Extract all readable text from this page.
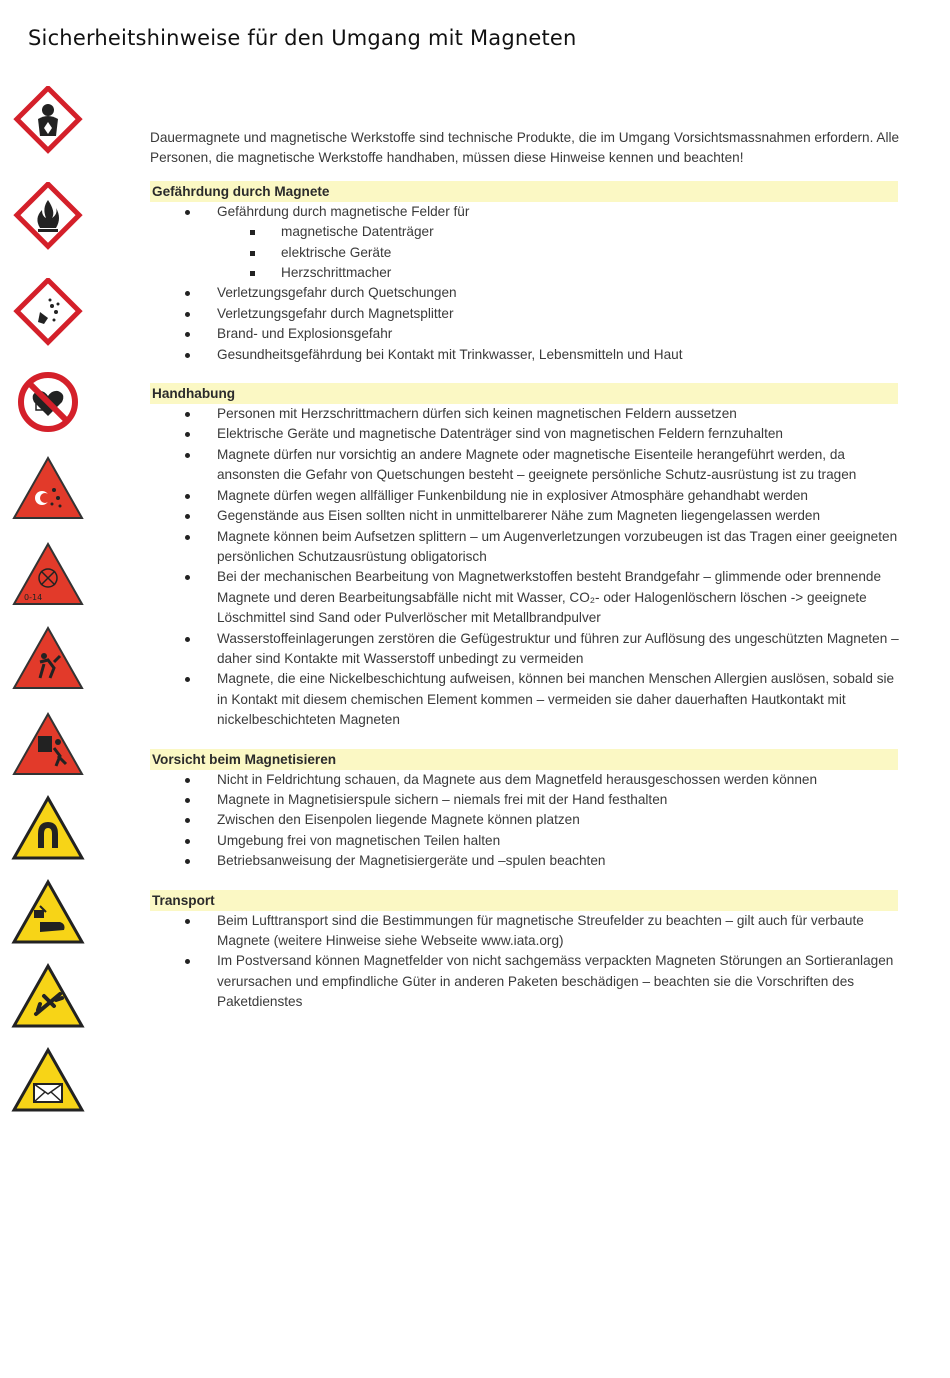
Sicherheitshinweise für den Umgang mit Magneten
0-14

Dauermagnete und magnetische Werkstoffe sind technische Produkte, die im Umgang Vorsichtsmassnahmen erfordern. Alle Personen, die magnetische Werkstoffe handhaben, müssen diese Hinweise kennen und beachten!

Gefährdung durch Magnete
Gefährdung durch magnetische Felder für
magnetische Datenträger
elektrische Geräte
Herzschrittmacher
Verletzungsgefahr durch Quetschungen
Verletzungsgefahr durch Magnetsplitter
Brand- und Explosionsgefahr
Gesundheitsgefährdung bei Kontakt mit Trinkwasser, Lebensmitteln und Haut
Handhabung
Personen mit Herzschrittmachern dürfen sich keinen magnetischen Feldern aussetzen
Elektrische Geräte und magnetische Datenträger sind von magnetischen Feldern fernzuhalten
Magnete dürfen nur vorsichtig an andere Magnete oder magnetische Eisenteile herangeführt werden, da ansonsten die Gefahr von Quetschungen besteht – geeignete persönliche Schutz-ausrüstung ist zu tragen
Magnete dürfen wegen allfälliger Funkenbildung nie in explosiver Atmosphäre gehandhabt werden
Gegenstände aus Eisen sollten nicht in unmittelbarerer Nähe zum Magneten liegengelassen werden
Magnete können beim Aufsetzen splittern – um Augenverletzungen vorzubeugen ist das Tragen einer geeigneten persönlichen Schutzausrüstung obligatorisch
Bei der mechanischen Bearbeitung von Magnetwerkstoffen besteht Brandgefahr – glimmende oder brennende Magnete und deren Bearbeitungsabfälle nicht mit Wasser, CO₂- oder Halogenlöschern löschen -> geeignete Löschmittel sind Sand oder Pulverlöscher mit Metallbrandpulver
Wasserstoffeinlagerungen zerstören die Gefügestruktur und führen zur Auflösung des ungeschützten Magneten – daher sind Kontakte mit Wasserstoff unbedingt zu vermeiden
Magnete, die eine Nickelbeschichtung aufweisen, können bei manchen Menschen Allergien auslösen, sobald sie in Kontakt mit diesem chemischen Element kommen – vermeiden sie daher dauerhaften Hautkontakt mit nickelbeschichteten Magneten
Vorsicht beim Magnetisieren
Nicht in Feldrichtung schauen, da Magnete aus dem Magnetfeld herausgeschossen werden können
Magnete in Magnetisierspule sichern – niemals frei mit der Hand festhalten
Zwischen den Eisenpolen liegende Magnete können platzen
Umgebung frei von magnetischen Teilen halten
Betriebsanweisung der Magnetisiergeräte und –spulen beachten
Transport
Beim Lufttransport sind die Bestimmungen für magnetische Streufelder zu beachten – gilt auch für verbaute Magnete (weitere Hinweise siehe Webseite www.iata.org)
Im Postversand können Magnetfelder von nicht sachgemäss verpackten Magneten Störungen an Sortieranlagen verursachen und empfindliche Güter in anderen Paketen beschädigen – beachten sie die Vorschriften des Paketdienstes
